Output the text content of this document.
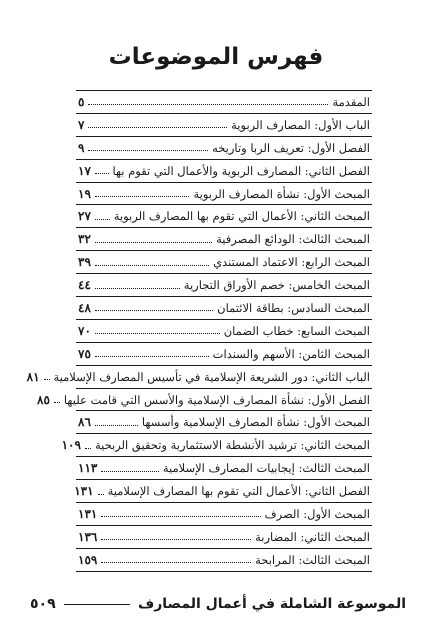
فهرس الموضوعات
المقدمة
٥
الباب الأول: المصارف الربوية
٧
الفصل الأول: تعريف الربا وتاريخه
٩
الفصل الثاني: المصارف الربوية والأعمال التي تقوم بها
١٧
المبحث الأول: نشأة المصارف الربوية
١٩
المبحث الثاني: الأعمال التي تقوم بها المصارف الربوية
٢٧
المبحث الثالث: الودائع المصرفية
٣٢
المبحث الرابع: الاعتماد المستندي
٣٩
المبحث الخامس: خصم الأوراق التجارية
٤٤
المبحث السادس: بطاقة الائتمان
٤٨
المبحث السابع: خطاب الضمان
٧٠
المبحث الثامن: الأسهم والسندات
٧٥
الباب الثاني: دور الشريعة الإسلامية في تأسيس المصارف الإسلامية
٨١
الفصل الأول: نشأة المصارف الإسلامية والأسس التي قامت عليها
٨٥
المبحث الأول: نشأة المصارف الإسلامية وأسسها
٨٦
المبحث الثاني: ترشيد الأنشطة الاستثمارية وتحقيق الربحية
١٠٩
المبحث الثالث: إيجابيات المصارف الإسلامية
١١٣
الفصل الثاني: الأعمال التي تقوم بها المصارف الإسلامية
١٣١
المبحث الأول: الصرف
١٣١
المبحث الثاني: المضاربة
١٣٦
المبحث الثالث: المرابحة
١٥٩
الموسوعة الشاملة في أعمال المصارف
٥٠٩
